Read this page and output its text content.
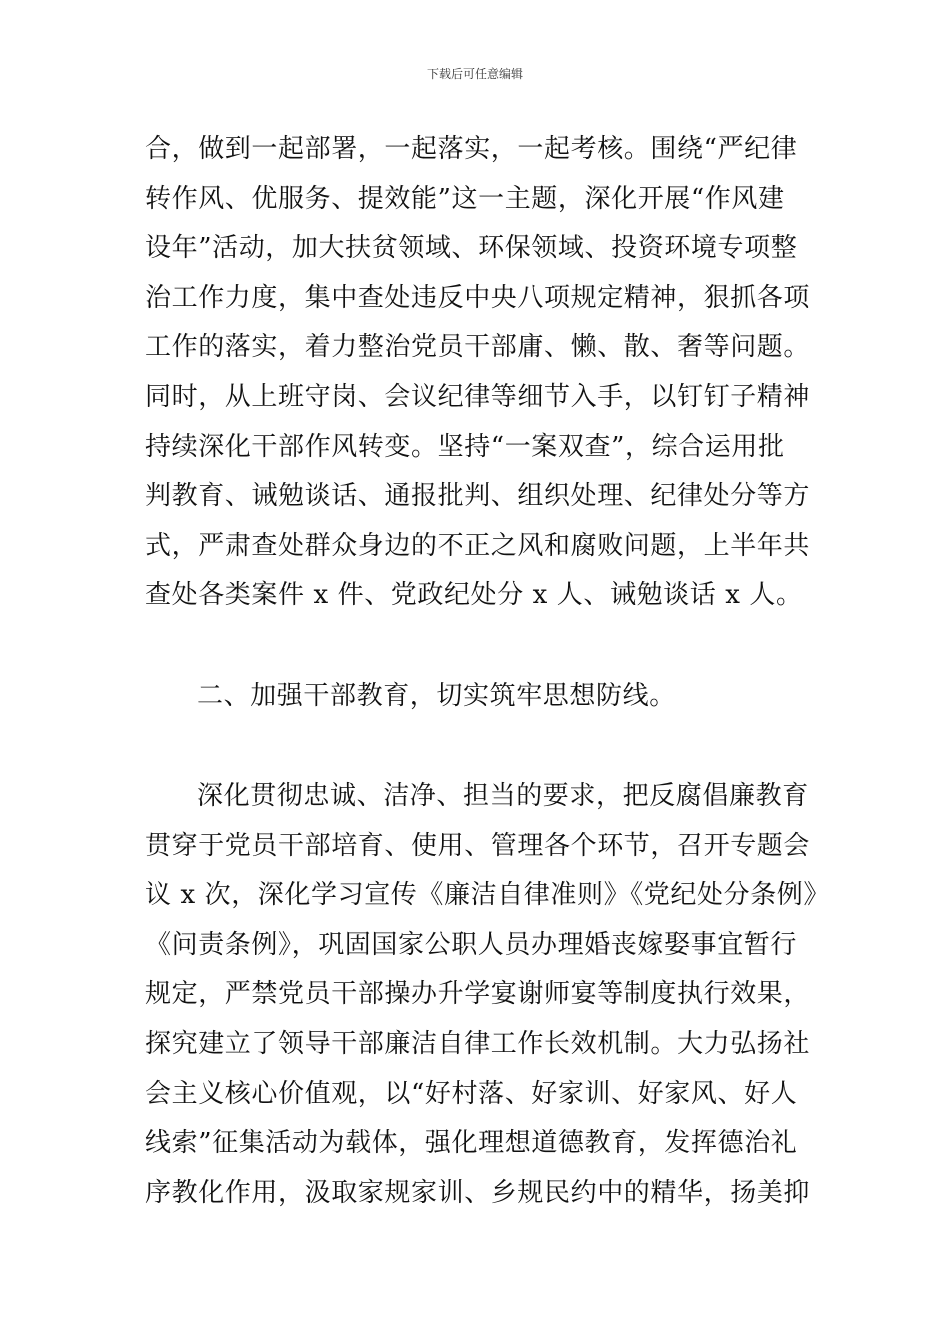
下载后可任意编辑
合，做到一起部署，一起落实，一起考核。围绕“严纪律
转作风、优服务、提效能”这一主题，深化开展“作风建
设年”活动，加大扶贫领域、环保领域、投资环境专项整
治工作力度，集中查处违反中央八项规定精神，狠抓各项
工作的落实，着力整治党员干部庸、懒、散、奢等问题。
同时，从上班守岗、会议纪律等细节入手，以钉钉子精神
持续深化干部作风转变。坚持“一案双查”，综合运用批
判教育、诫勉谈话、通报批判、组织处理、纪律处分等方
式，严肃查处群众身边的不正之风和腐败问题，上半年共
查处各类案件 x 件、党政纪处分 x 人、诫勉谈话 x 人。
二、加强干部教育，切实筑牢思想防线。
深化贯彻忠诚、洁净、担当的要求，把反腐倡廉教育
贯穿于党员干部培育、使用、管理各个环节，召开专题会
议 x 次，深化学习宣传《廉洁自律准则》《党纪处分条例》
《问责条例》，巩固国家公职人员办理婚丧嫁娶事宜暂行
规定，严禁党员干部操办升学宴谢师宴等制度执行效果，
探究建立了领导干部廉洁自律工作长效机制。大力弘扬社
会主义核心价值观，以“好村落、好家训、好家风、好人
线索”征集活动为载体，强化理想道德教育，发挥德治礼
序教化作用，汲取家规家训、乡规民约中的精华，扬美抑
